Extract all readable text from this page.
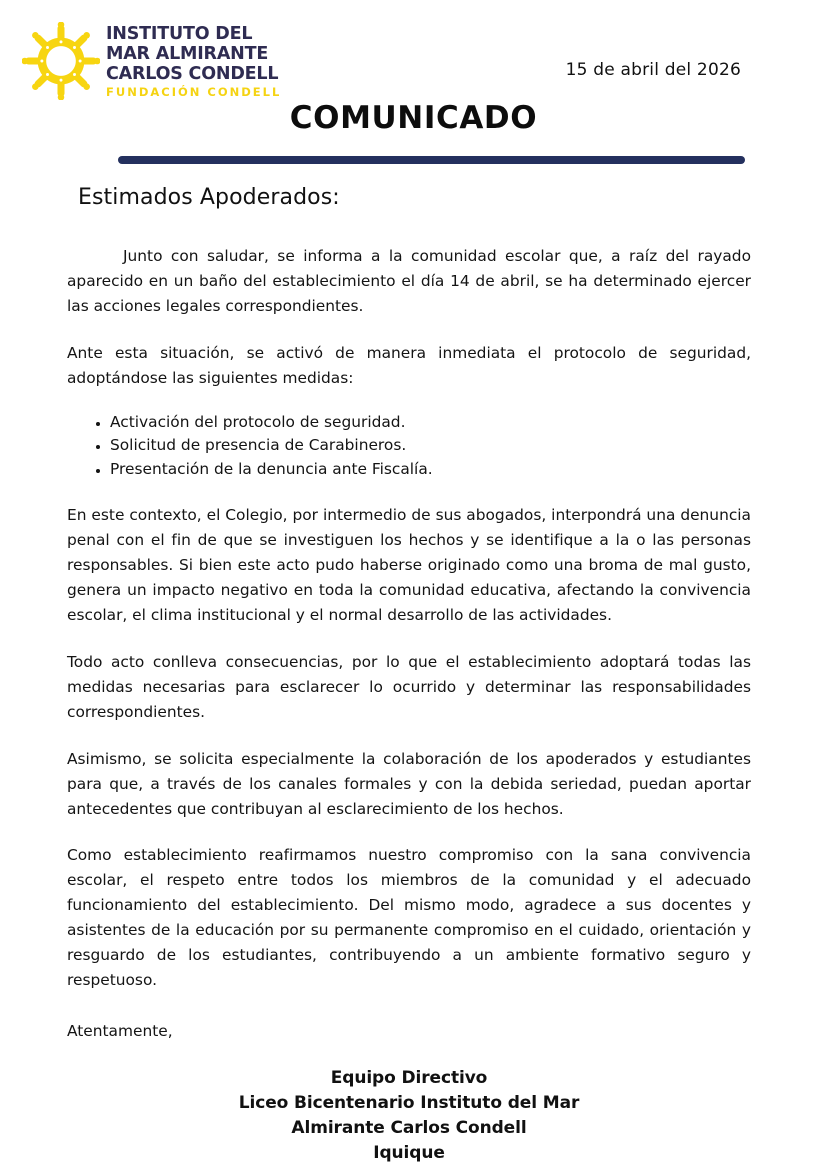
INSTITUTO DEL
MAR ALMIRANTE
CARLOS CONDELL
FUNDACIÓN CONDELL
15 de abril del 2026
COMUNICADO
Estimados Apoderados:

Junto con saludar, se informa a la comunidad escolar que, a raíz del rayado aparecido en un baño del establecimiento el día 14 de abril, se ha determinado ejercer las acciones legales correspondientes.

Ante esta situación, se activó de manera inmediata el protocolo de seguridad, adoptándose las siguientes medidas:

Activación del protocolo de seguridad.
Solicitud de presencia de Carabineros.
Presentación de la denuncia ante Fiscalía.

En este contexto, el Colegio, por intermedio de sus abogados, interpondrá una denuncia penal con el fin de que se investiguen los hechos y se identifique a la o las personas responsables. Si bien este acto pudo haberse originado como una broma de mal gusto, genera un impacto negativo en toda la comunidad educativa, afectando la convivencia escolar, el clima institucional y el normal desarrollo de las actividades.

Todo acto conlleva consecuencias, por lo que el establecimiento adoptará todas las medidas necesarias para esclarecer lo ocurrido y determinar las responsabilidades correspondientes.

Asimismo, se solicita especialmente la colaboración de los apoderados y estudiantes para que, a través de los canales formales y con la debida seriedad, puedan aportar antecedentes que contribuyan al esclarecimiento de los hechos.

Como establecimiento reafirmamos nuestro compromiso con la sana convivencia escolar, el respeto entre todos los miembros de la comunidad y el adecuado funcionamiento del establecimiento. Del mismo modo, agradece a sus docentes y asistentes de la educación por su permanente compromiso en el cuidado, orientación y resguardo de los estudiantes, contribuyendo a un ambiente formativo seguro y respetuoso.

Atentamente,
Equipo Directivo
Liceo Bicentenario Instituto del Mar
Almirante Carlos Condell
Iquique
